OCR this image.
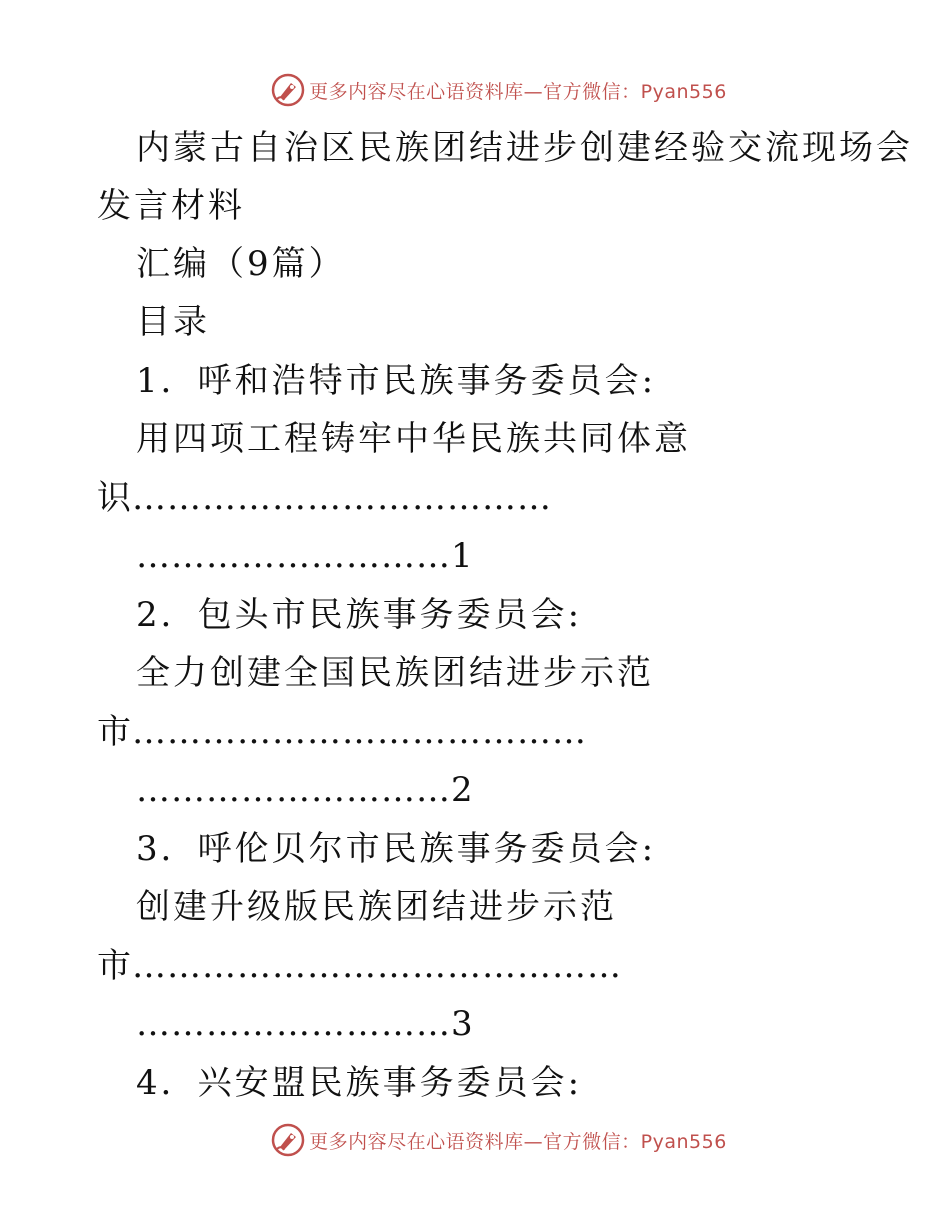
更多内容尽在心语资料库—官方微信：Pyan556
内蒙古自治区民族团结进步创建经验交流现场会
发言材料
汇编（9篇）
目录
1．呼和浩特市民族事务委员会:
用四项工程铸牢中华民族共同体意
识………………………………
………………………1
2．包头市民族事务委员会:
全力创建全国民族团结进步示范
市…………………………………
………………………2
3．呼伦贝尔市民族事务委员会:
创建升级版民族团结进步示范
市……………………………………
………………………3
4．兴安盟民族事务委员会:
更多内容尽在心语资料库—官方微信：Pyan556
